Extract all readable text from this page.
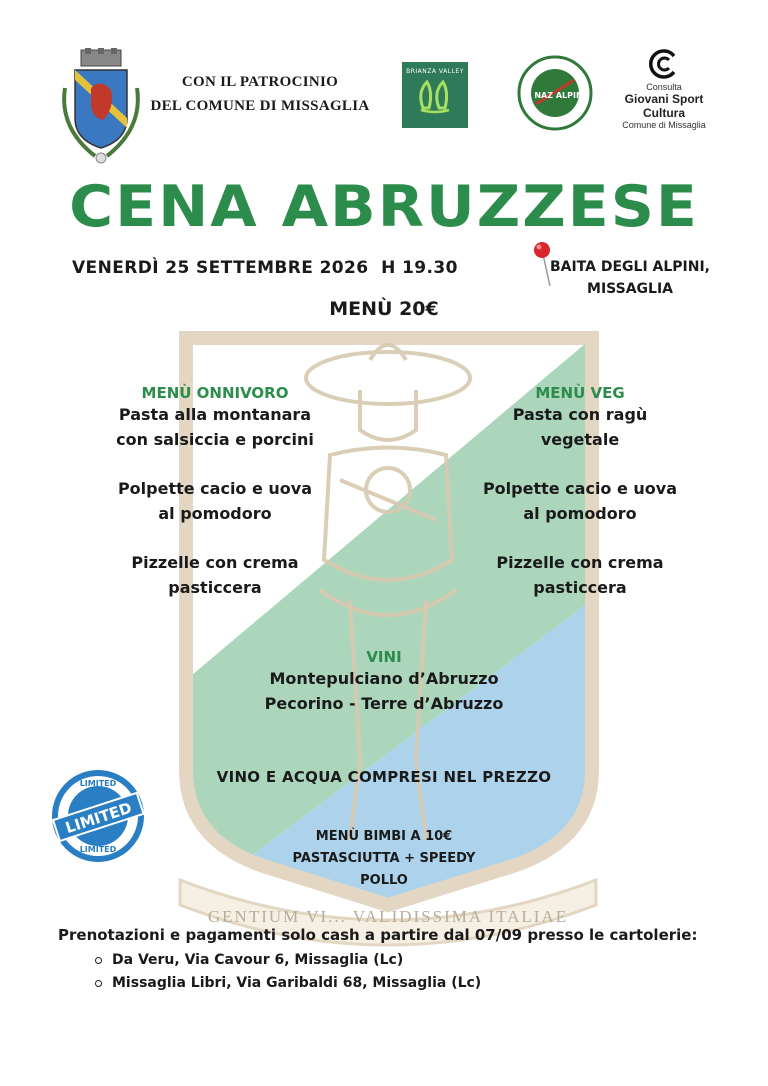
GENTIUM VI... VALIDISSIMA ITALIAE
CON IL PATROCINIO
DEL COMUNE DI MISSAGLIA
BRIANZA VALLEY
NAZ ALPINI
Consulta
Giovani Sport Cultura
Comune di Missaglia
CENA ABRUZZESE
VENERDÌ 25 SETTEMBRE 2026  H 19.30	BAITA DEGLI ALPINI,
MISSAGLIA
MENÙ 20€
MENÙ ONNIVORO
Pasta alla montanara
con salsiccia e porcini
Polpette cacio e uova
al pomodoro
Pizzelle con crema
pasticcera
MENÙ VEG
Pasta con ragù
vegetale
Polpette cacio e uova
al pomodoro
Pizzelle con crema
pasticcera
VINI
Montepulciano d’Abruzzo
Pecorino - Terre d’Abruzzo
VINO E ACQUA COMPRESI NEL PREZZO
LIMITED
LIMITED
LIMITED
MENÙ BIMBI A 10€
PASTASCIUTTA + SPEEDY
POLLO
Prenotazioni e pagamenti solo cash a partire dal 07/09 presso le cartolerie:
Da Veru, Via Cavour 6, Missaglia (Lc)
Missaglia Libri, Via Garibaldi 68, Missaglia (Lc)
